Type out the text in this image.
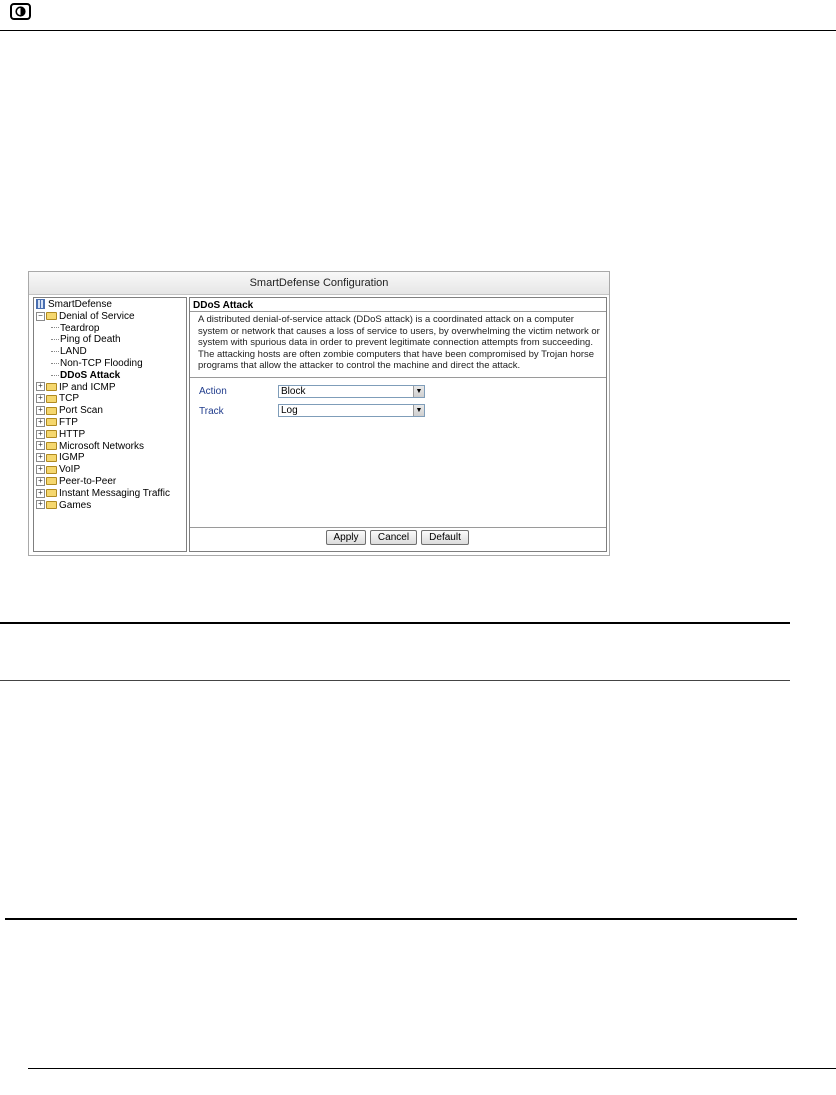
SmartDefense Configuration
SmartDefense
− Denial of Service
Teardrop
Ping of Death
LAND
Non-TCP Flooding
DDoS Attack
+ IP and ICMP
+ TCP
+ Port Scan
+ FTP
+ HTTP
+ Microsoft Networks
+ IGMP
+ VoIP
+ Peer-to-Peer
+ Instant Messaging Traffic
+ Games
DDoS Attack
A distributed denial-of-service attack (DDoS attack) is a coordinated attack on a computer system or network that causes a loss of service to users, by overwhelming the victim network or system with spurious data in order to prevent legitimate connection attempts from succeeding. The attacking hosts are often zombie computers that have been compromised by Trojan horse programs that allow the attacker to control the machine and direct the attack.
Action	Block	▼
Track	Log	▼
Apply	Cancel	Default
